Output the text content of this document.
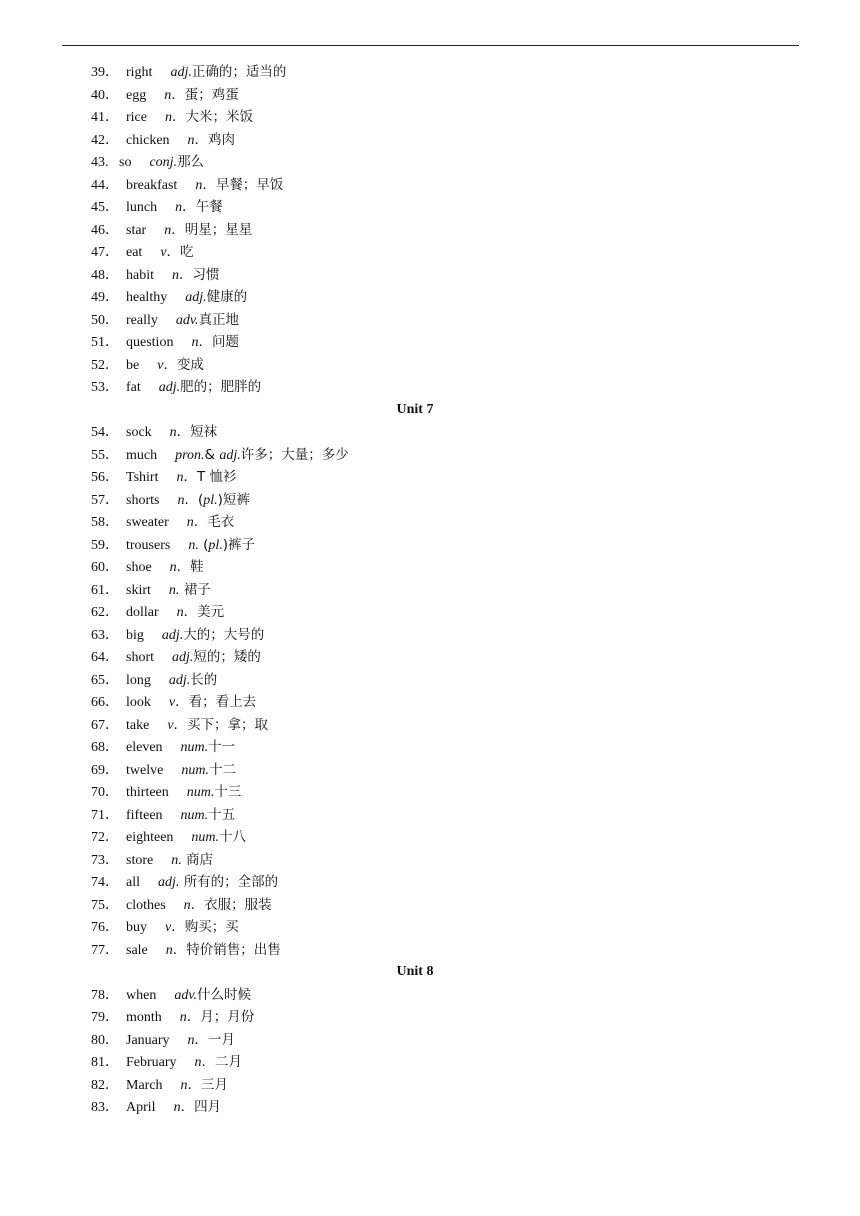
39． right adj.正确的；适当的
40． egg n．蛋；鸡蛋
41． rice n．大米；米饭
42． chicken n．鸡肉
43. so conj.那么
44． breakfast n．早餐；早饭
45． lunch n．午餐
46． star n．明星；星星
47． eat v．吃
48． habit n．习惯
49． healthy adj.健康的
50． really adv.真正地
51． question n．问题
52． be v．变成
53． fat adj.肥的；肥胖的
Unit 7
54． sock n．短袜
55． much pron.& adj.许多；大量；多少
56． Tshirt n．T 恤衫
57． shorts n．(pl.)短裤
58． sweater n．毛衣
59． trousers n. (pl.)裤子
60． shoe n．鞋
61． skirt n. 裙子
62． dollar n．美元
63． big adj.大的；大号的
64． short adj.短的；矮的
65． long adj.长的
66． look v．看；看上去
67． take v．买下；拿；取
68． eleven num.十一
69． twelve num.十二
70． thirteen num.十三
71． fifteen num.十五
72． eighteen num.十八
73． store n. 商店
74． all adj. 所有的；全部的
75． clothes n．衣服；服装
76． buy v．购买；买
77． sale n．特价销售；出售
Unit 8
78． when adv.什么时候
79． month n．月；月份
80． January n．一月
81． February n．二月
82． March n．三月
83． April n．四月
